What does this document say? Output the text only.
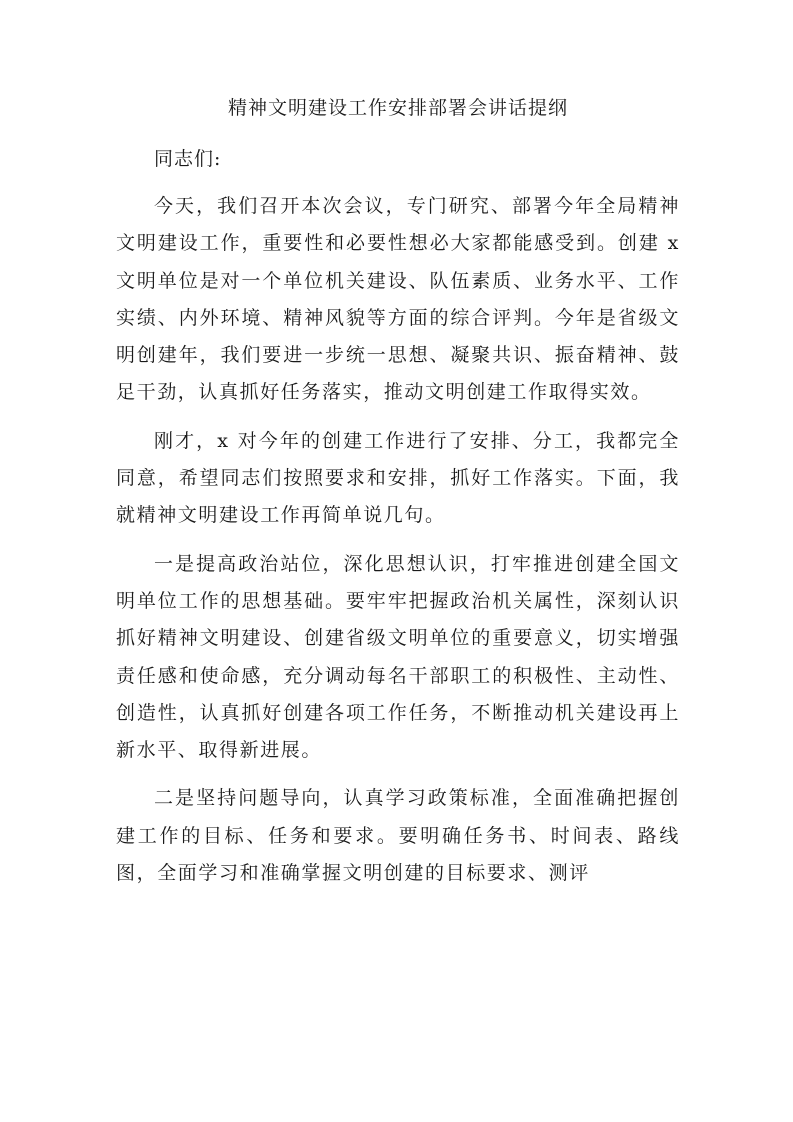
精神文明建设工作安排部署会讲话提纲
同志们:

今天，我们召开本次会议，专门研究、部署今年全局精神文明建设工作，重要性和必要性想必大家都能感受到。创建 x 文明单位是对一个单位机关建设、队伍素质、业务水平、工作实绩、内外环境、精神风貌等方面的综合评判。今年是省级文明创建年，我们要进一步统一思想、凝聚共识、振奋精神、鼓足干劲，认真抓好任务落实，推动文明创建工作取得实效。

刚才，x 对今年的创建工作进行了安排、分工，我都完全同意，希望同志们按照要求和安排，抓好工作落实。下面，我就精神文明建设工作再简单说几句。

一是提高政治站位，深化思想认识，打牢推进创建全国文明单位工作的思想基础。要牢牢把握政治机关属性，深刻认识抓好精神文明建设、创建省级文明单位的重要意义，切实增强责任感和使命感，充分调动每名干部职工的积极性、主动性、创造性，认真抓好创建各项工作任务，不断推动机关建设再上新水平、取得新进展。

二是坚持问题导向，认真学习政策标准，全面准确把握创建工作的目标、任务和要求。要明确任务书、时间表、路线图，全面学习和准确掌握文明创建的目标要求、测评
